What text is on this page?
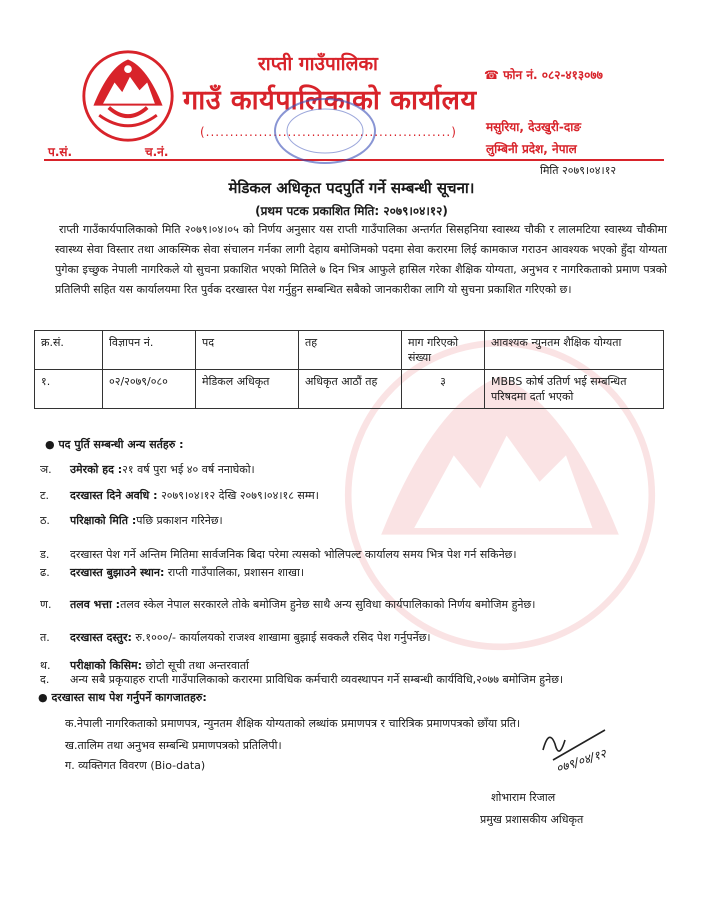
राप्ती गाउँपालिका
गाउँ कार्यपालिकाको कार्यालय
☎ फोन नं. ०८२-४१३०७७
मसुरिया, देउखुरी-दाङ
लुम्बिनी प्रदेश, नेपाल
(...................................................)
प.सं.	च.नं.
मिति २०७९।०४।१२
मेडिकल अधिकृत पदपुर्ति गर्ने सम्बन्धी सूचना।
(प्रथम पटक प्रकाशित मिति: २०७९।०४।१२)
राप्ती गाउँकार्यपालिकाको मिति २०७९।०४।०५ को निर्णय अनुसार यस राप्ती गाउँपालिका अन्तर्गत सिसहनिया स्वास्थ्य चौकी र लालमटिया स्वास्थ्य चौकीमा स्वास्थ्य सेवा विस्तार तथा आकस्मिक सेवा संचालन गर्नका लागी देहाय बमोजिमको पदमा सेवा करारमा लिई कामकाज गराउन आवश्यक भएको हुँदा योग्यता पुगेका इच्छुक नेपाली नागरिकले यो सुचना प्रकाशित भएको मितिले ७ दिन भित्र आफुले हासिल गरेका शैक्षिक योग्यता, अनुभव र नागरिकताको प्रमाण पत्रको प्रतिलिपी सहित यस कार्यालयमा रित पुर्वक दरखास्त पेश गर्नुहुन सम्बन्धित सबैको जानकारीका लागि यो सुचना प्रकाशित गरिएको छ।
क्र.सं.	विज्ञापन नं.	पद	तह	माग गरिएको संख्या	आवश्यक न्युनतम शैक्षिक योग्यता
१.	०२/२०७९/०८०	मेडिकल अधिकृत	अधिकृत आठौं तह	३	MBBS कोर्ष उतिर्ण भई सम्बन्धित परिषदमा दर्ता भएको
● पद पुर्ति सम्बन्धी अन्य सर्तहरु :
ञ. उमेरको हद :२१ वर्ष पुरा भई ४० वर्ष ननाघेको।
ट. दरखास्त दिने अवधि : २०७९।०४।१२ देखि २०७९।०४।१८ सम्म।
ठ. परिक्षाको मिति :पछि प्रकाशन गरिनेछ।
ड. दरखास्त पेश गर्ने अन्तिम मितिमा सार्वजनिक बिदा परेमा त्यसको भोलिपल्ट कार्यालय समय भित्र पेश गर्न सकिनेछ।
ढ. दरखास्त बुझाउने स्थान: राप्ती गाउँपालिका, प्रशासन शाखा।
ण. तलव भत्ता :तलव स्केल नेपाल सरकारले तोके बमोजिम हुनेछ साथै अन्य सुविधा कार्यपालिकाको निर्णय बमोजिम हुनेछ।
त. दरखास्त दस्तुर: रु.१०००/- कार्यालयको राजश्व शाखामा बुझाई सक्कलै रसिद पेश गर्नुपर्नेछ।
थ. परीक्षाको किसिम: छोटो सूची तथा अन्तरवार्ता
द. अन्य सबै प्रकृयाहरु राप्ती गाउँपालिकाको करारमा प्राविधिक कर्मचारी व्यवस्थापन गर्ने सम्बन्धी कार्यविधि,२०७७ बमोजिम हुनेछ।
● दरखास्त साथ पेश गर्नुपर्ने कागजातहरु:
क.नेपाली नागरिकताको प्रमाणपत्र, न्युनतम शैक्षिक योग्यताको लब्धांक प्रमाणपत्र र चारित्रिक प्रमाणपत्रको छाँया प्रति।
ख.तालिम तथा अनुभव सम्बन्धि प्रमाणपत्रको प्रतिलिपी।
ग. व्यक्तिगत विवरण (Bio-data)	०७९/०४/१२
शोभाराम रिजाल
प्रमुख प्रशासकीय अधिकृत
